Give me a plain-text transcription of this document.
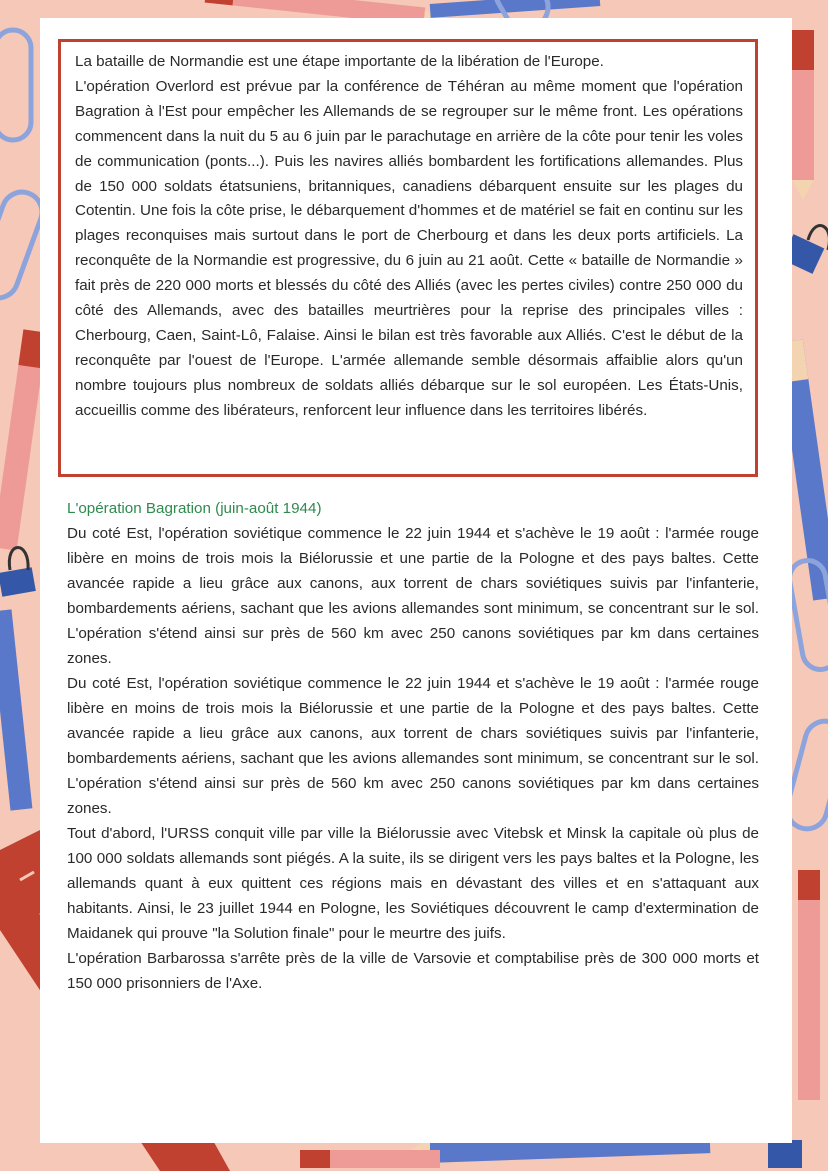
La bataille de Normandie est une étape importante de la libération de l'Europe.

L'opération Overlord est prévue par la conférence de Téhéran au même moment que l'opération Bagration à l'Est pour empêcher les Allemands de se regrouper sur le même front. Les opérations commencent dans la nuit du 5 au 6 juin par le parachutage en arrière de la côte pour tenir les voles de communication (ponts...). Puis les navires alliés bombardent les fortifications allemandes. Plus de 150 000 soldats étatsuniens, britanniques, canadiens débarquent ensuite sur les plages du Cotentin. Une fois la côte prise, le débarquement d'hommes et de matériel se fait en continu sur les plages reconquises mais surtout dans le port de Cherbourg et dans les deux ports artificiels. La reconquête de la Normandie est progressive, du 6 juin au 21 août. Cette « bataille de Normandie » fait près de 220 000 morts et blessés du côté des Alliés (avec les pertes civiles) contre 250 000 du côté des Allemands, avec des batailles meurtrières pour la reprise des principales villes : Cherbourg, Caen, Saint-Lô, Falaise. Ainsi le bilan est très favorable aux Alliés. C'est le début de la reconquête par l'ouest de l'Europe. L'armée allemande semble désormais affaiblie alors qu'un nombre toujours plus nombreux de soldats alliés débarque sur le sol européen. Les États-Unis, accueillis comme des libérateurs, renforcent leur influence dans les territoires libérés.

L'opération Bagration (juin-août 1944)

Du coté Est, l'opération soviétique commence le 22 juin 1944 et s'achève le 19 août : l'armée rouge libère en moins de trois mois la Biélorussie et une partie de la Pologne et des pays baltes. Cette avancée rapide a lieu grâce aux canons, aux torrent de chars soviétiques suivis par l'infanterie, bombardements aériens, sachant que les avions allemandes sont minimum, se concentrant sur le sol. L'opération s'étend ainsi sur près de 560 km avec 250 canons soviétiques par km dans certaines zones.

Du coté Est, l'opération soviétique commence le 22 juin 1944 et s'achève le 19 août : l'armée rouge libère en moins de trois mois la Biélorussie et une partie de la Pologne et des pays baltes. Cette avancée rapide a lieu grâce aux canons, aux torrent de chars soviétiques suivis par l'infanterie, bombardements aériens, sachant que les avions allemandes sont minimum, se concentrant sur le sol. L'opération s'étend ainsi sur près de 560 km avec 250 canons soviétiques par km dans certaines zones.

Tout d'abord, l'URSS conquit ville par ville la Biélorussie avec Vitebsk et Minsk la capitale où plus de 100 000 soldats allemands sont piégés. A la suite, ils se dirigent vers les pays baltes et la Pologne, les allemands quant à eux quittent ces régions mais en dévastant des villes et en s'attaquant aux habitants. Ainsi, le 23 juillet 1944 en Pologne, les Soviétiques découvrent le camp d'extermination de Maidanek qui prouve "la Solution finale" pour le meurtre des juifs.

L'opération Barbarossa s'arrête près de la ville de Varsovie et comptabilise près de 300 000 morts et 150 000 prisonniers de l'Axe.
